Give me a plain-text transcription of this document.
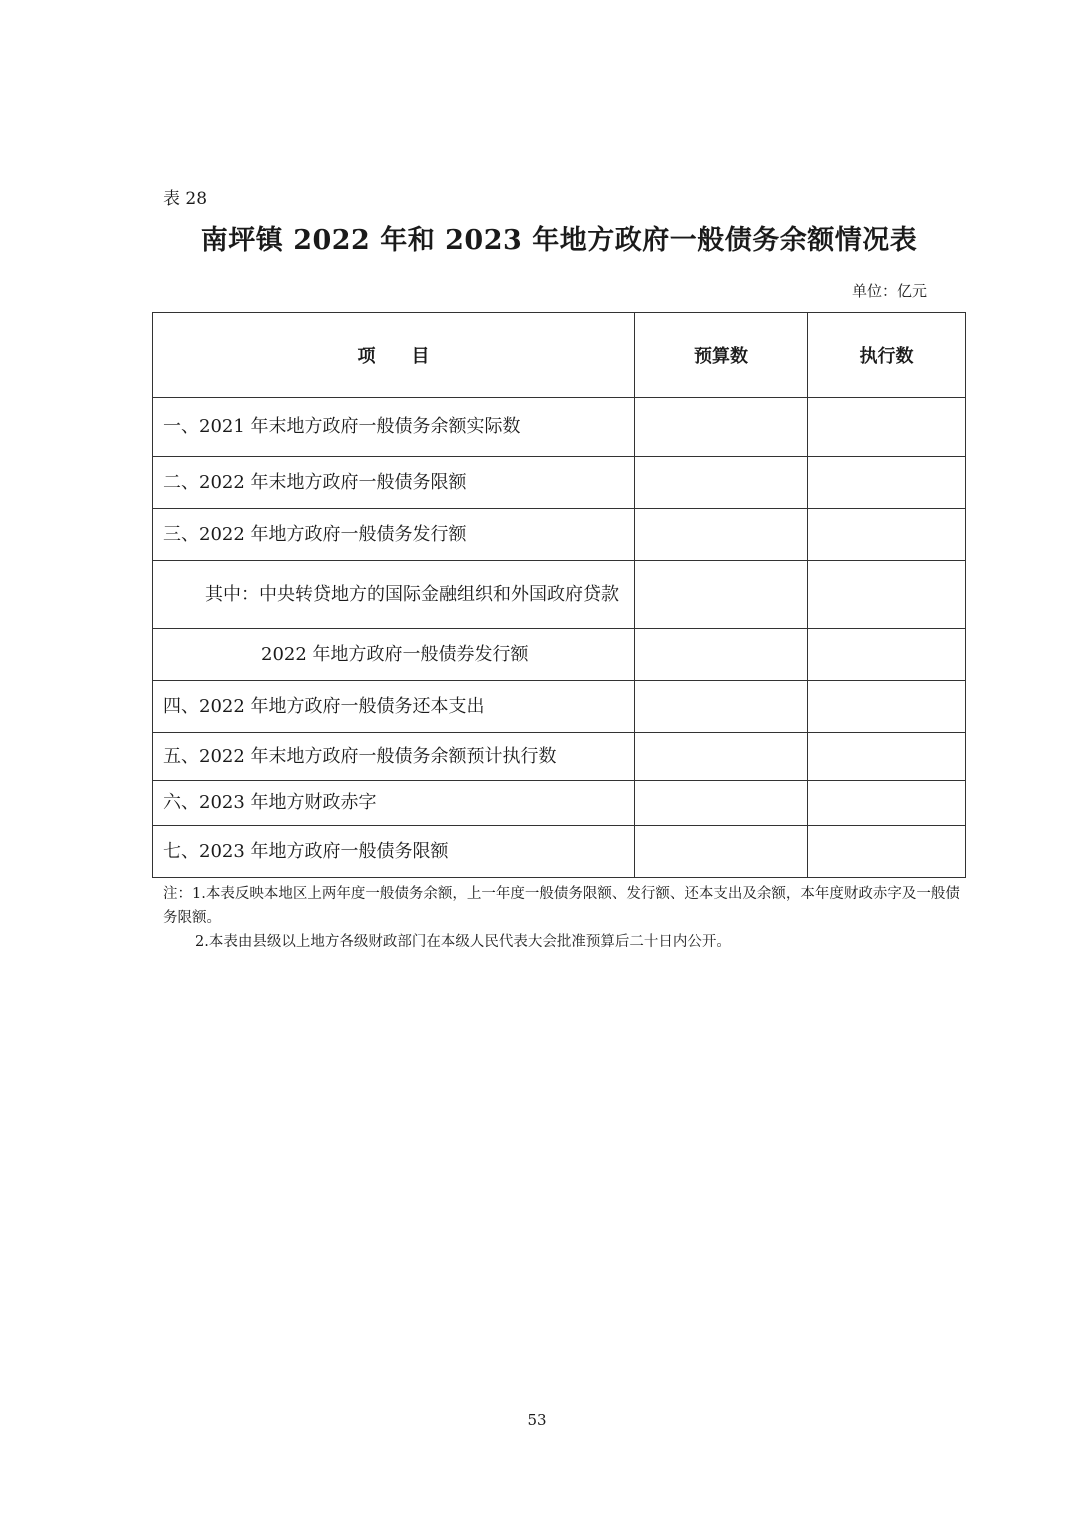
表 28
南坪镇 2022 年和 2023 年地方政府一般债务余额情况表
单位：亿元
项　　目	预算数	执行数
一、2021 年末地方政府一般债务余额实际数		
二、2022 年末地方政府一般债务限额		
三、2022 年地方政府一般债务发行额		
其中：中央转贷地方的国际金融组织和外国政府贷款		
2022 年地方政府一般债券发行额		
四、2022 年地方政府一般债务还本支出		
五、2022 年末地方政府一般债务余额预计执行数		
六、2023 年地方财政赤字		
七、2023 年地方政府一般债务限额		
注：1.本表反映本地区上两年度一般债务余额，上一年度一般债务限额、发行额、还本支出及余额，本年度财政赤字及一般债务限额。
2.本表由县级以上地方各级财政部门在本级人民代表大会批准预算后二十日内公开。
53
